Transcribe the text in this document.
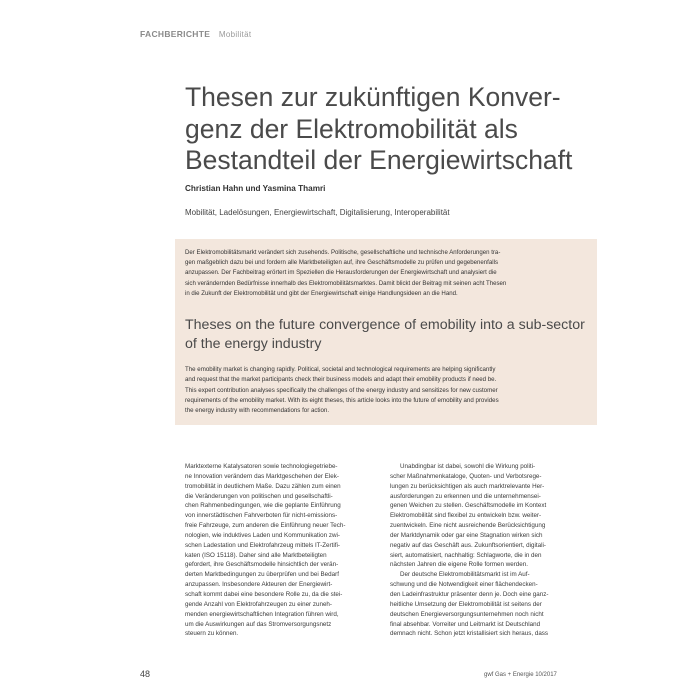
FACHBERICHTE Mobilität
Thesen zur zukünftigen Konver-
genz der Elektromobilität als
Bestandteil der Energiewirtschaft
Christian Hahn und Yasmina Thamri
Mobilität, Ladelösungen, Energiewirtschaft, Digitalisierung, Interoperabilität

Der Elektromobilitätsmarkt verändert sich zusehends. Politische, gesellschaftliche und technische Anforderungen tra-
gen maßgeblich dazu bei und fordern alle Marktbeteiligten auf, ihre Geschäftsmodelle zu prüfen und gegebenenfalls
anzupassen. Der Fachbeitrag erörtert im Speziellen die Herausforderungen der Energiewirtschaft und analysiert die
sich verändernden Bedürfnisse innerhalb des Elektromobilitätsmarktes. Damit blickt der Beitrag mit seinen acht Thesen
in die Zukunft der Elektromobilität und gibt der Energiewirtschaft einige Handlungsideen an die Hand.

Theses on the future convergence of emobility into a sub-sector
of the energy industry

The emobility market is changing rapidly. Political, societal and technological requirements are helping significantly
and request that the market participants check their business models and adapt their emobility products if need be.
This expert contribution analyses specifically the challenges of the energy industry and sensitizes for new customer
requirements of the emobility market. With its eight theses, this article looks into the future of emobility and provides
the energy industry with recommendations for action.

Marktexterne Katalysatoren sowie technologiegetriebe-
ne Innovation verändern das Marktgeschehen der Elek-
tromobilität in deutlichem Maße. Dazu zählen zum einen
die Veränderungen von politischen und gesellschaftli-
chen Rahmenbedingungen, wie die geplante Einführung
von innerstädtischen Fahrverboten für nicht-emissions-
freie Fahrzeuge, zum anderen die Einführung neuer Tech-
nologien, wie induktives Laden und Kommunikation zwi-
schen Ladestation und Elektrofahrzeug mittels IT-Zertifi-
katen (ISO 15118). Daher sind alle Marktbeteiligten
gefordert, ihre Geschäftsmodelle hinsichtlich der verän-
derten Marktbedingungen zu überprüfen und bei Bedarf
anzupassen. Insbesondere Akteuren der Energiewirt-
schaft kommt dabei eine besondere Rolle zu, da die stei-
gende Anzahl von Elektrofahrzeugen zu einer zuneh-
menden energiewirtschaftlichen Integration führen wird,
um die Auswirkungen auf das Stromversorgungsnetz
steuern zu können.

Unabdingbar ist dabei, sowohl die Wirkung politi-
scher Maßnahmenkataloge, Quoten- und Verbotsrege-
lungen zu berücksichtigen als auch marktrelevante Her-
ausforderungen zu erkennen und die unternehmensei-
genen Weichen zu stellen. Geschäftsmodelle im Kontext
Elektromobilität sind flexibel zu entwickeln bzw. weiter-
zuentwickeln. Eine nicht ausreichende Berücksichtigung
der Marktdynamik oder gar eine Stagnation wirken sich
negativ auf das Geschäft aus. Zukunftsorientiert, digitali-
siert, automatisiert, nachhaltig: Schlagworte, die in den
nächsten Jahren die eigene Rolle formen werden.

Der deutsche Elektromobilitätsmarkt ist im Auf-
schwung und die Notwendigkeit einer flächendecken-
den Ladeinfrastruktur präsenter denn je. Doch eine ganz-
heitliche Umsetzung der Elektromobilität ist seitens der
deutschen Energieversorgungsunternehmen noch nicht
final absehbar. Vorreiter und Leitmarkt ist Deutschland
demnach nicht. Schon jetzt kristallisiert sich heraus, dass

48	gwf Gas + Energie 10/2017
